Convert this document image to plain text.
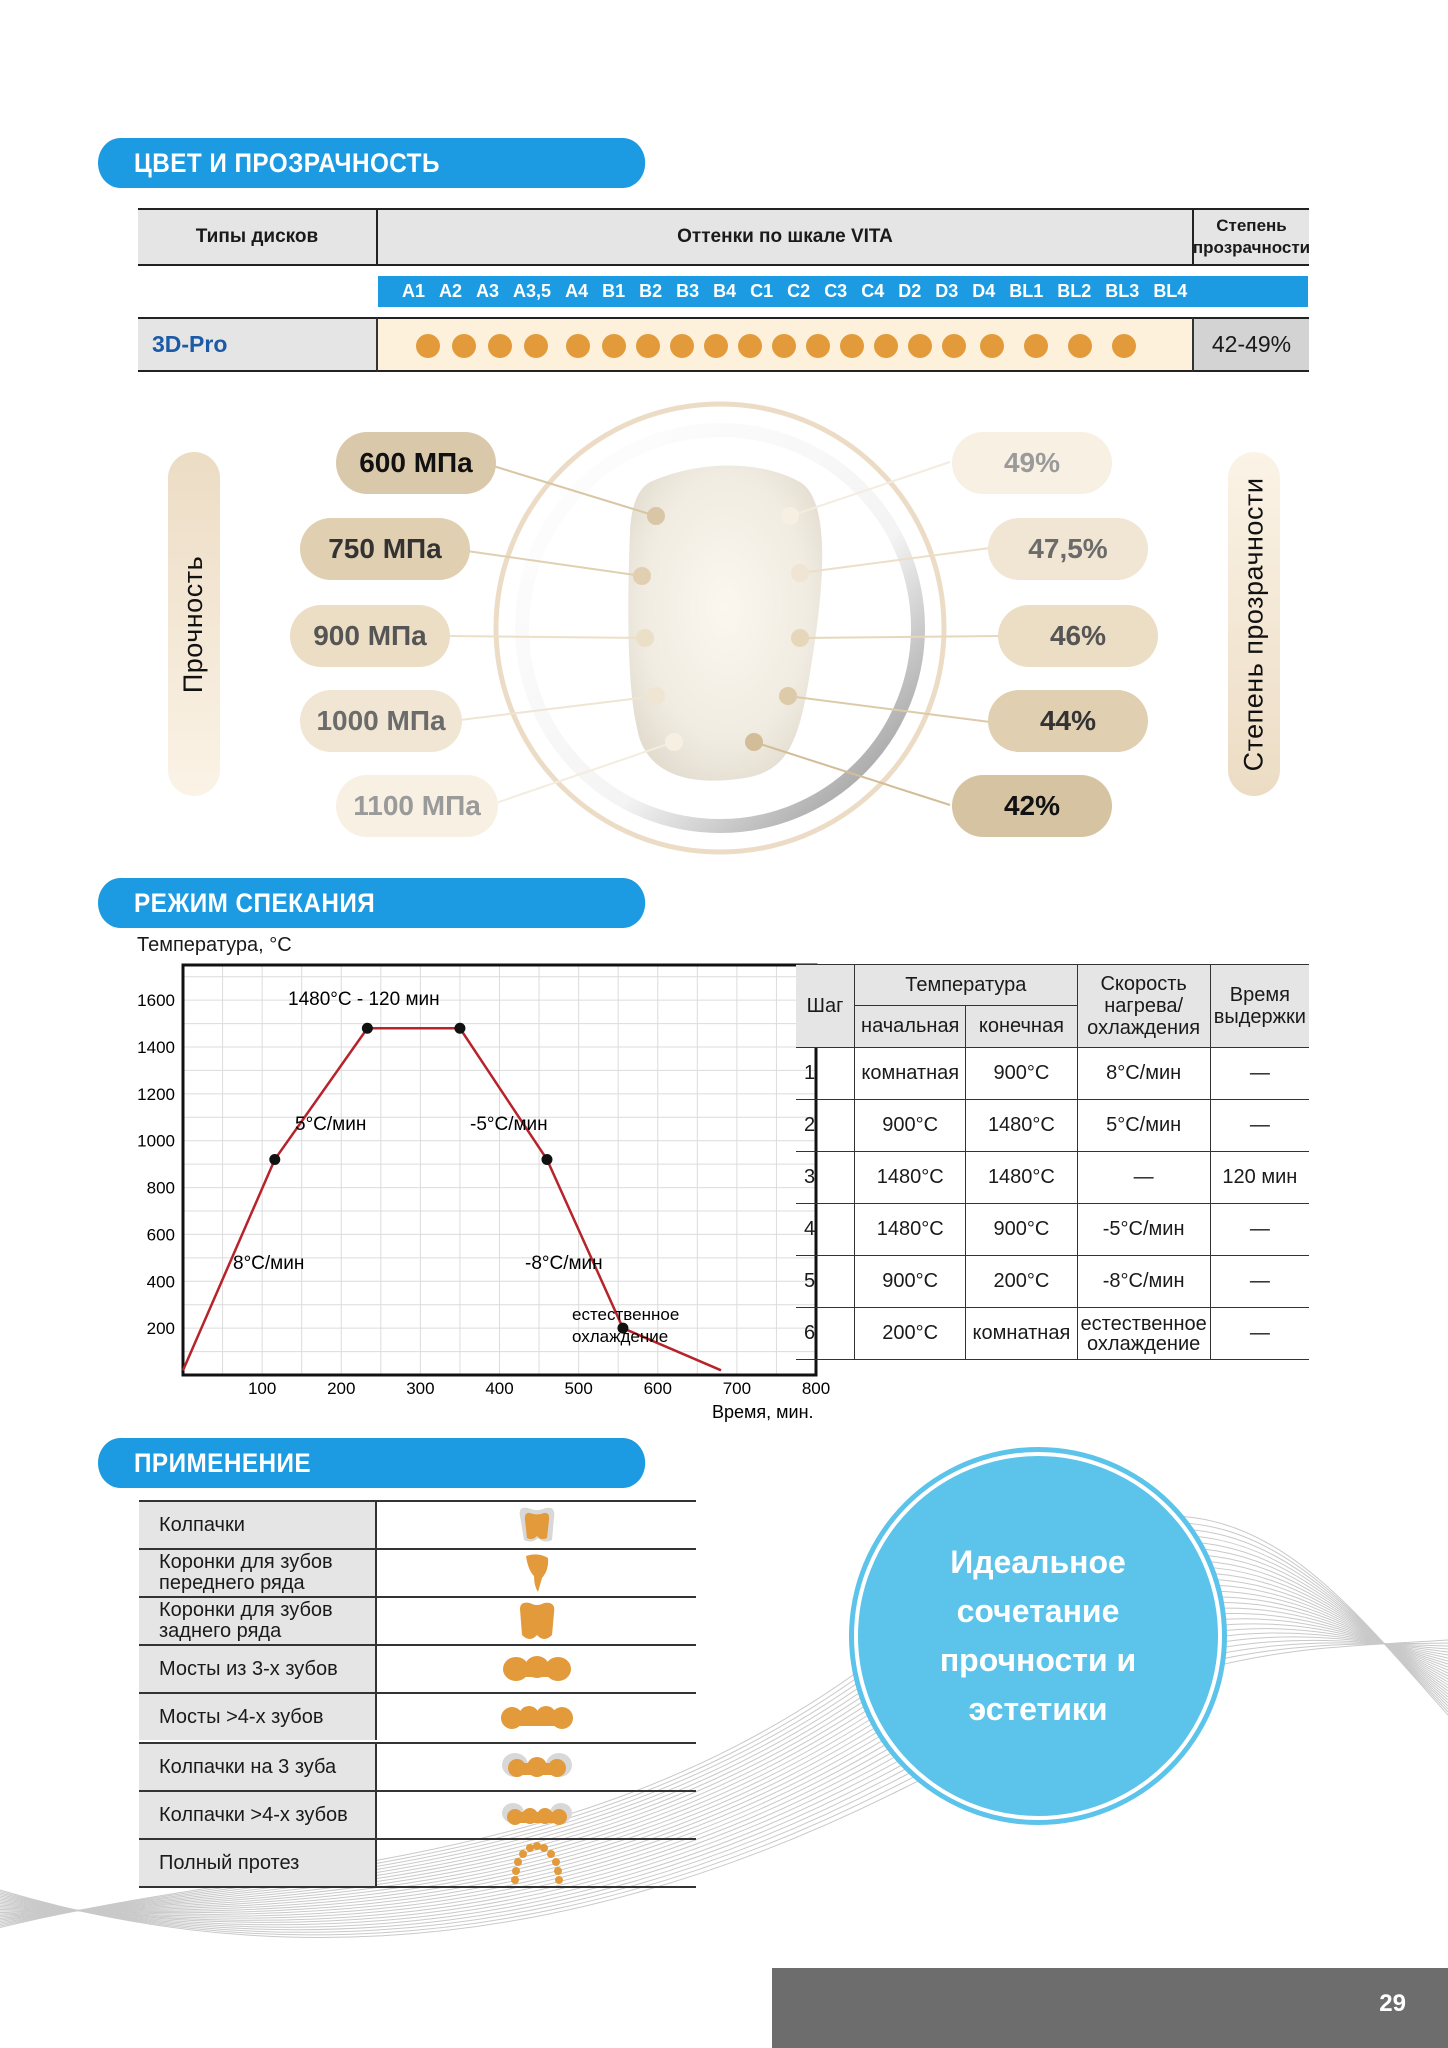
ЦВЕТ И ПРОЗРАЧНОСТЬ
Типы дисков	Оттенки по шкале VITA
Степень прозрачности
A1 A2 A3 A3,5 A4 B1 B2 B3 B4 C1 C2 C3 C4 D2 D3 D4 BL1 BL2 BL3 BL4
3D-Pro	42-49%
Прочность	Степень прозрачности
600 МПа
750 МПа
900 МПа
1000 МПа
1100 МПа
49%
47,5%
46%
44%
42%
РЕЖИМ СПЕКАНИЯ
Температура, °C
100	200	300	400	500	600	700	800
200
400
600
800
1000
1200
1400
1600	1480°C - 120 мин
8°C/мин
5°C/мин	-5°C/мин
-8°C/мин
естественное
охлаждение
Время, мин.
Шаг	Температура		Скорость нагрева/ охлаждения	Время выдержки
	начальная	конечная		
1	комнатная	900°C	8°C/мин	—
2	900°C	1480°C	5°C/мин	—
3	1480°C	1480°C	—	120 мин
4	1480°C	900°C	-5°C/мин	—
5	900°C	200°C	-8°C/мин	—
6	200°C	комнатная	естественное охлаждение	—
ПРИМЕНЕНИЕ
Колпачки
Коронки для зубов переднего ряда
Коронки для зубов заднего ряда
Мосты из 3-х зубов
Мосты >4-х зубов
Колпачки на 3 зуба
Колпачки >4-х зубов
Полный протез
Идеальное
сочетание
прочности и
эстетики
29
